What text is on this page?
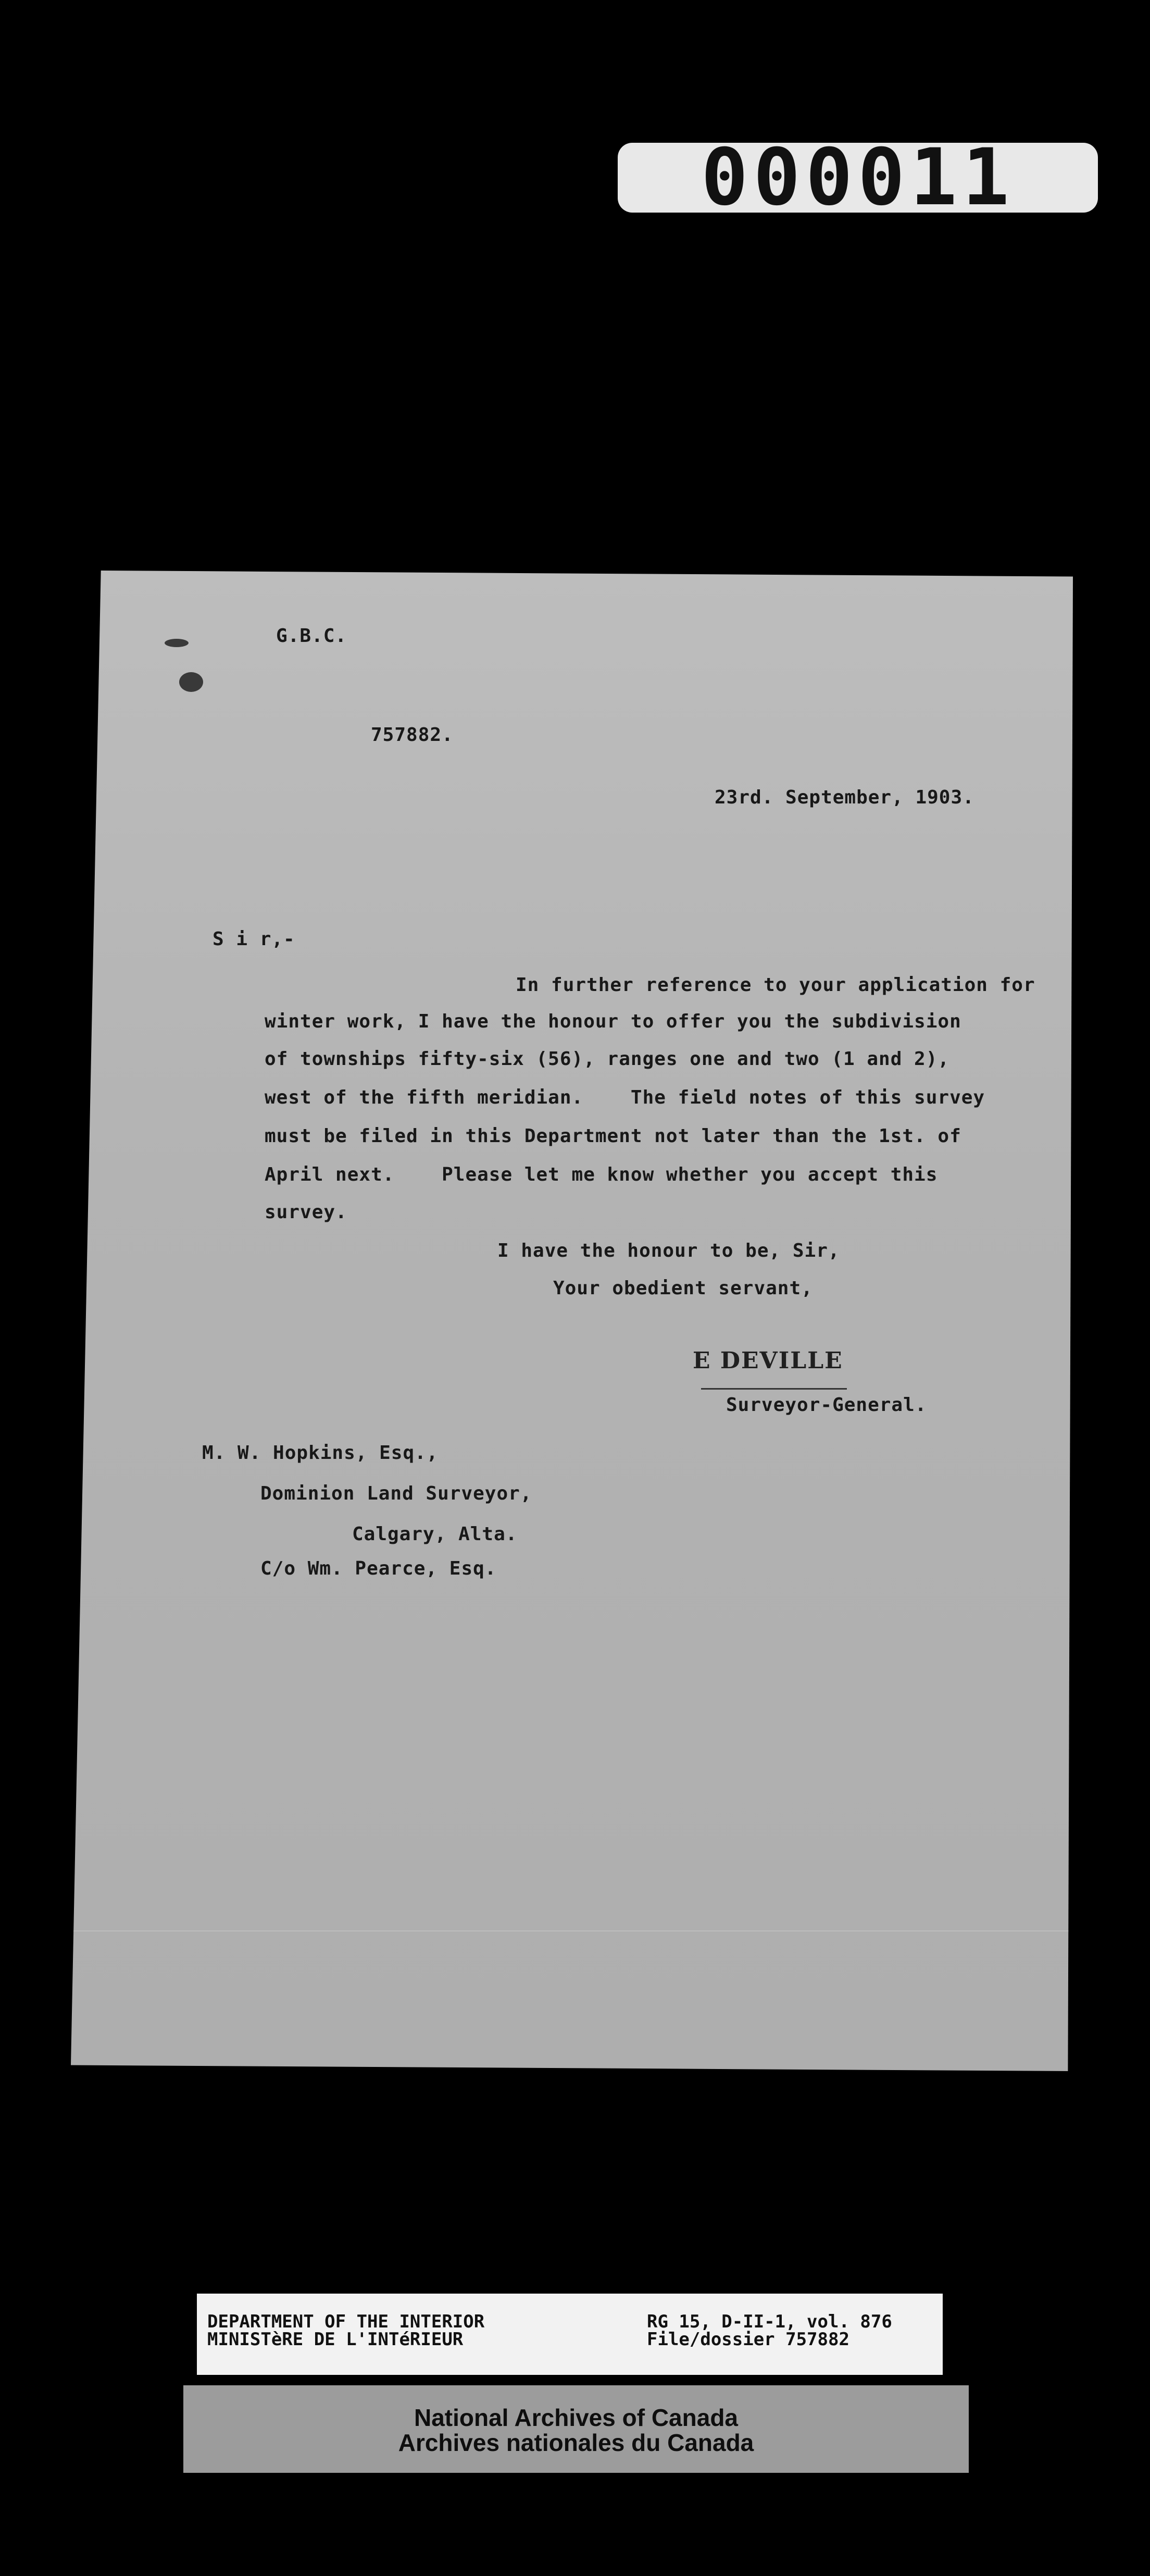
000011
G.B.C.
757882.
23rd. September, 1903.
S i r,-
In further reference to your application for
winter work, I have the honour to offer you the subdivision
of townships fifty-six (56), ranges one and two (1 and 2),
west of the fifth meridian.    The field notes of this survey
must be filed in this Department not later than the 1st. of
April next.    Please let me know whether you accept this
survey.
I have the honour to be, Sir,
Your obedient servant,
E DEVILLE
Surveyor-General.
M. W. Hopkins, Esq.,
Dominion Land Surveyor,
Calgary, Alta.
C/o Wm. Pearce, Esq.
DEPARTMENT OF THE INTERIOR
MINISTèRE DE L'INTéRIEUR
RG 15, D-II-1, vol. 876
File/dossier 757882
National Archives of Canada
Archives nationales du Canada
